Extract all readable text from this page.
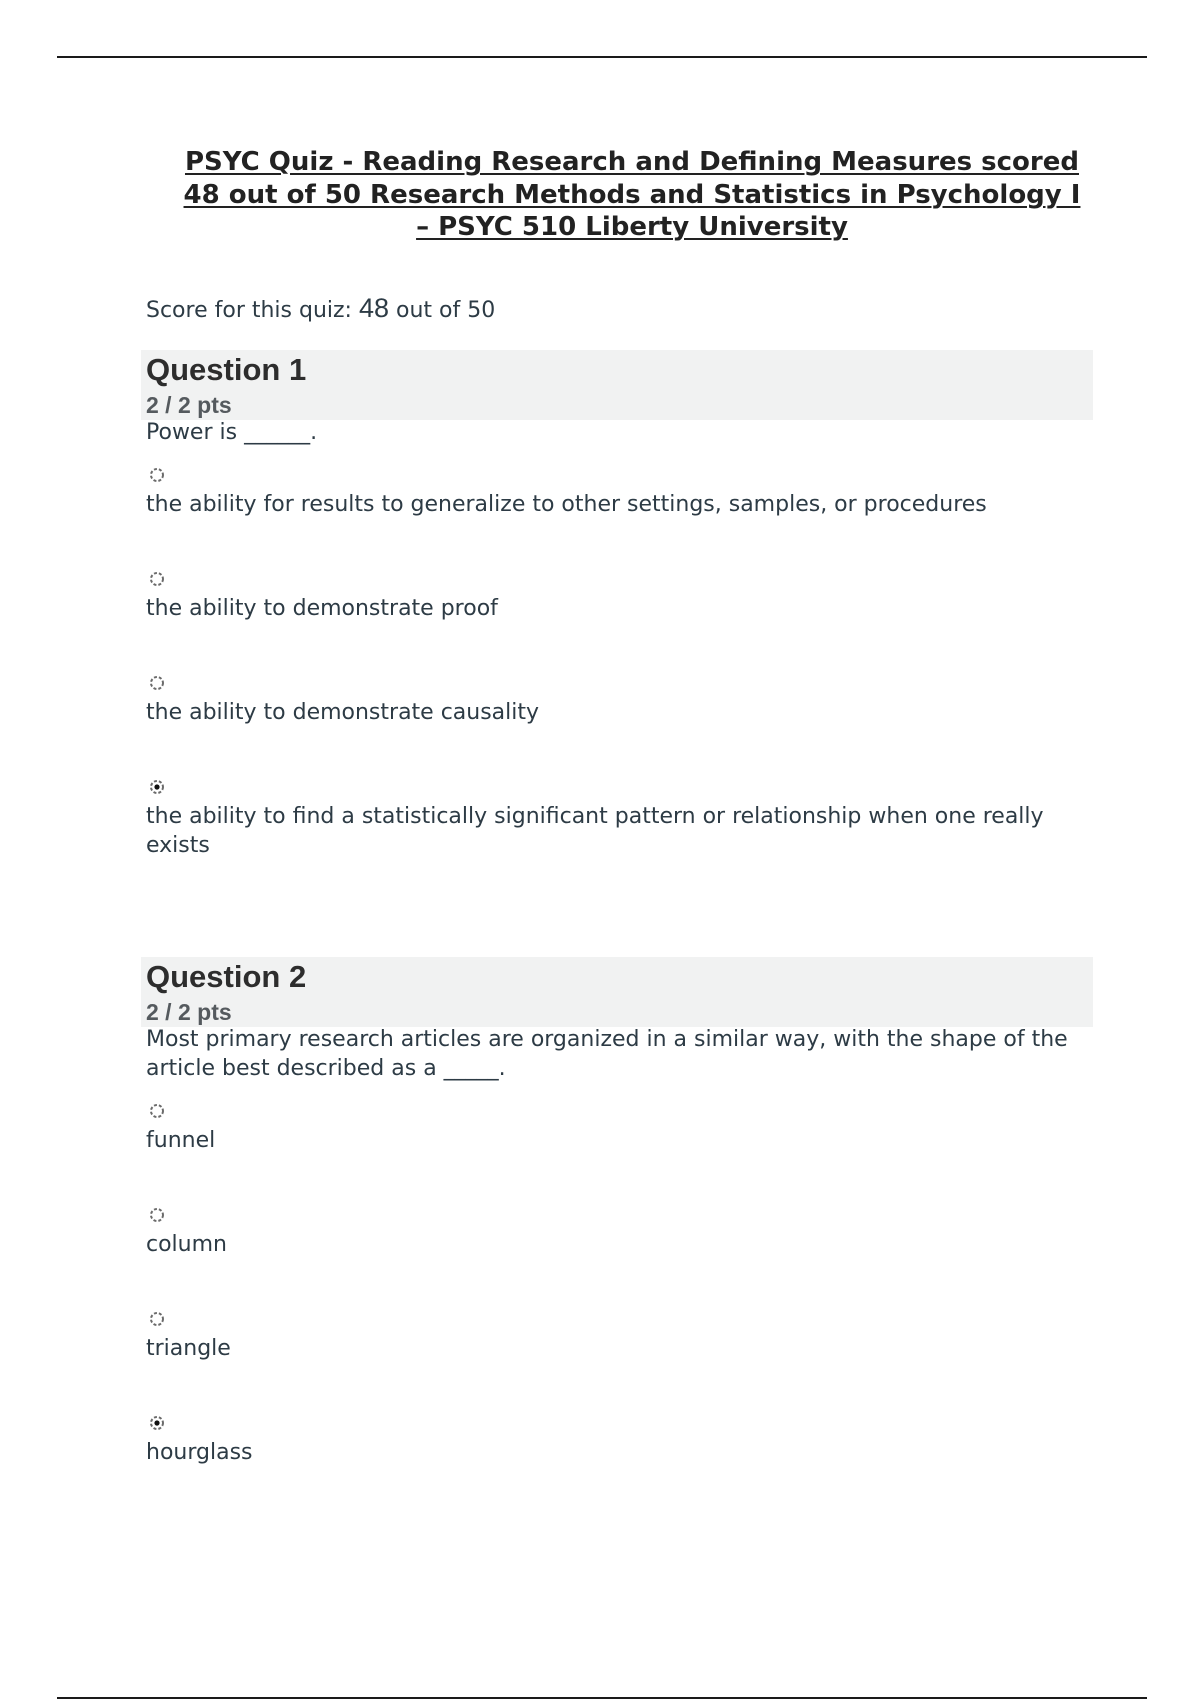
PSYC Quiz - Reading Research and Defining Measures scored
48 out of 50 Research Methods and Statistics in Psychology I
– PSYC 510 Liberty University
Score for this quiz: 48 out of 50
Question 1
2 / 2 pts

Power is ______.

the ability for results to generalize to other settings, samples, or procedures
the ability to demonstrate proof
the ability to demonstrate causality
the ability to find a statistically significant pattern or relationship when one really exists
Question 2
2 / 2 pts

Most primary research articles are organized in a similar way, with the shape of the article best described as a _____.

funnel
column
triangle
hourglass
